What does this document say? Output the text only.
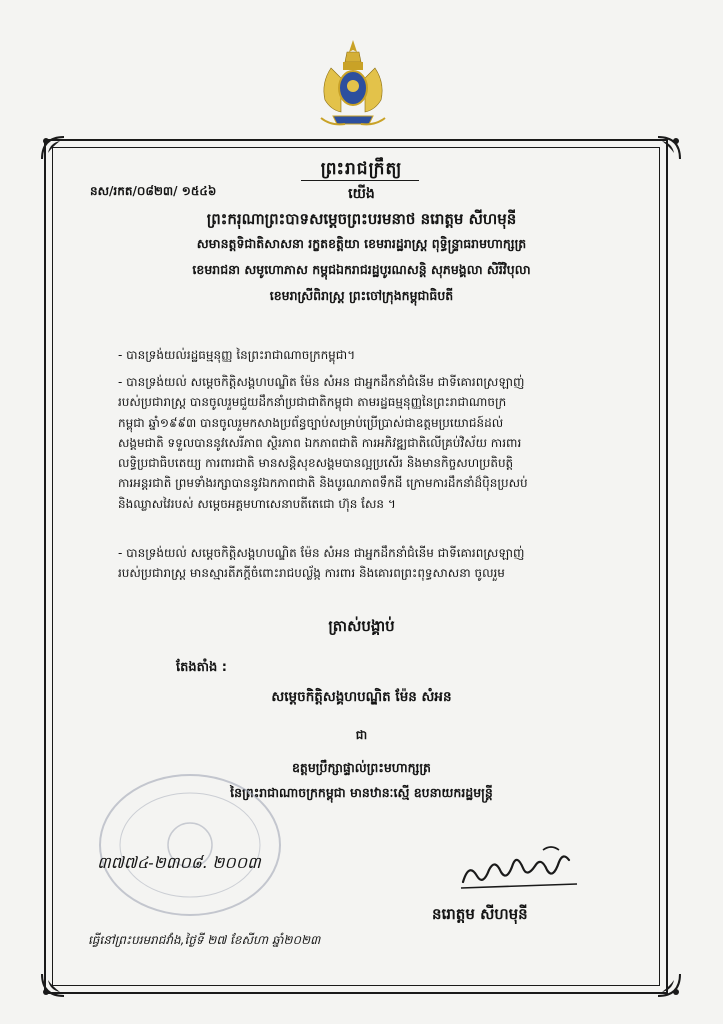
ព្រះរាជក្រឹត្យ
នស/រកត/០៨២៣/ ១៥៤៦	យើង
ព្រះករុណាព្រះបាទសម្តេចព្រះបរមនាថ នរោត្តម សីហមុនី
សមានត្តទិជាតិសាសនា រក្ខតខត្តិយា ខេមរារដ្ឋរាស្ត្រ ពុទ្ធិន្ទ្រាធរាមហាក្សត្រ
ខេមរាជនា សមូហោភាស កម្ពុជឯករាជរដ្ឋបូរណសន្តិ សុភមង្គលា សិរីវិបុលា
ខេមរាស្រីពិរាស្ត្រ ព្រះចៅក្រុងកម្ពុជាធិបតី
- បានទ្រង់យល់រដ្ឋធម្មនុញ្ញ នៃព្រះរាជាណាចក្រកម្ពុជា។
- បានទ្រង់យល់ សម្តេចកិត្តិសង្គហបណ្ឌិត ម៉ែន សំអន ជាអ្នកដឹកនាំជំនើម ជាទីគោរពស្រឡាញ់
របស់ប្រជារាស្ត្រ បានចូលរួមជួយដឹកនាំប្រជាជាតិកម្ពុជា តាមរដ្ឋធម្មនុញ្ញនៃព្រះរាជាណាចក្រ
កម្ពុជា ឆ្នាំ១៩៩៣ បានចូលរួមកសាងប្រព័ន្ធច្បាប់សម្រាប់ប្រើប្រាស់ជាឧត្តមប្រយោជន៍ដល់
សង្គមជាតិ ទទួលបាននូវសេរីភាព ស្ថិរភាព ឯកភាពជាតិ ការអភិវឌ្ឍជាតិលើគ្រប់វិស័យ ការពារ
លទ្ធិប្រជាធិបតេយ្យ ការពារជាតិ មានសន្តិសុខសង្គមបានល្អប្រសើរ និងមានកិច្ចសហប្រតិបត្តិ
ការអន្តរជាតិ ព្រមទាំងរក្សាបាននូវឯកភាពជាតិ និងបូរណភាពទឹកដី ក្រោមការដឹកនាំដ៏ប៉ិនប្រសប់
និងឈ្លាសវៃរបស់ សម្តេចអគ្គមហាសេនាបតីតេជោ ហ៊ុន សែន ។
- បានទ្រង់យល់ សម្តេចកិត្តិសង្គហបណ្ឌិត ម៉ែន សំអន ជាអ្នកដឹកនាំជំនើម ជាទីគោរពស្រឡាញ់
របស់ប្រជារាស្ត្រ មានស្មារតីភក្តីចំពោះរាជបល្ល័ង្ក ការពារ និងគោរពព្រះពុទ្ធសាសនា ចូលរួម
ត្រាស់បង្គាប់
តែងតាំង :
សម្តេចកិត្តិសង្គហបណ្ឌិត ម៉ែន សំអន
ជា
ឧត្តមប្រឹក្សាផ្ទាល់ព្រះមហាក្សត្រ
នៃព្រះរាជាណាចក្រកម្ពុជា មានឋានៈស្មើ ឧបនាយករដ្ឋមន្ត្រី
៣៧៧៤-២៣០៨. ២០០៣
នរោត្តម សីហមុនី
ធ្វើនៅព្រះបរមរាជវាំង,ថ្ងៃទី ២៧ ខែសីហា ឆ្នាំ២០២៣
